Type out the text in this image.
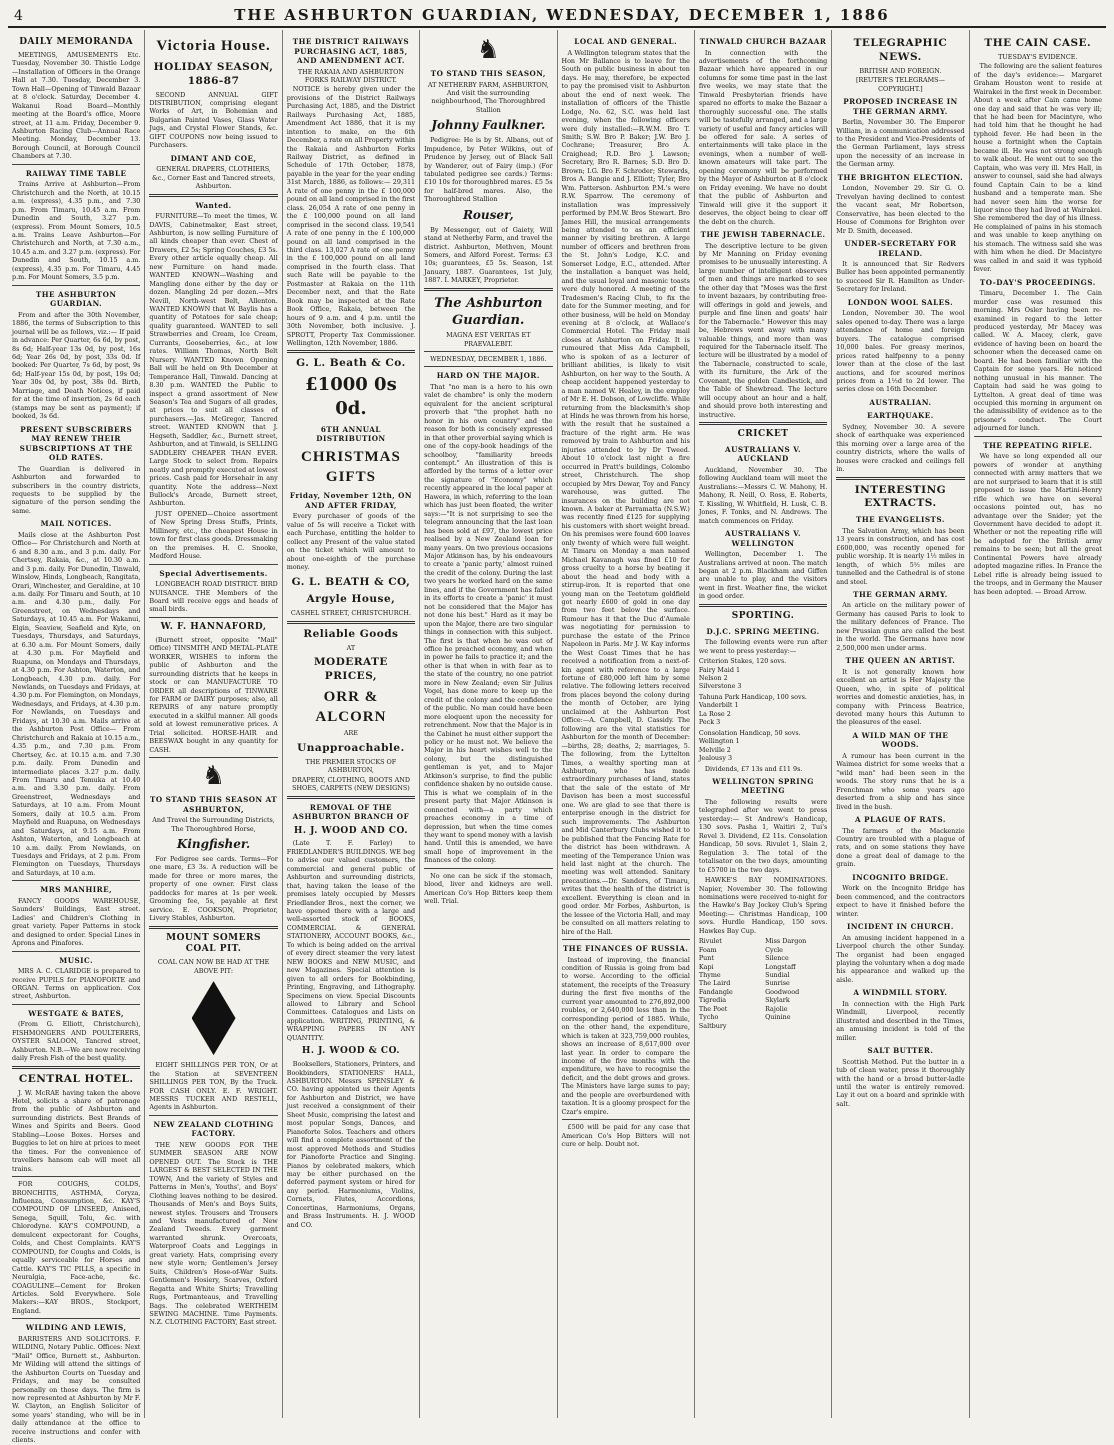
4	THE ASHBURTON GUARDIAN, WEDNESDAY, DECEMBER 1, 1886
DAILY MEMORANDA

MEETINGS, AMUSEMENTS Etc. Tuesday, November 30. Thistle Lodge—Installation of Officers in the Orange Hall at 7.30. Tuesday, December 3. Town Hall—Opening of Tinwald Bazaar at 8 o'clock. Saturday, December 4. Wakanui Road Board—Monthly meeting at the Board's office, Moore street, at 11 a.m. Friday, December 9. Ashburton Racing Club—Annual Race Meeting. Monday, December 13. Borough Council, at Borough Council Chambers at 7.30.

RAILWAY TIME TABLE

Trains Arrive at Ashburton—From Christchurch and the North, at 10.15 a.m. (express), 4.35 p.m., and 7.30 p.m. From Timaru, 10.45 a.m. From Dunedin and South, 3.27 p.m. (express). From Mount Somers, 10.5 a.m. Trains Leave Ashburton—For Christchurch and North, at 7.30 a.m., 10.45 a.m. and 3.27 p.m. (express). For Dunedin and South, 10.15 a.m. (express), 4.35 p.m. For Timaru, 4.45 p.m. For Mount Somers, 3.5 p.m.

THE ASHBURTON GUARDIAN.

From and after the 30th November, 1886, the terms of Subscription to this journal will be as follows, viz.:— If paid in advance: Per Quarter, 6s 6d, by post, 8s 6d; Half-year 13s 0d, by post, 16s 6d; Year 26s 0d, by post, 33s 0d. If booked: Per Quarter, 7s 6d, by post, 9s 6d; Half-year 15s 0d, by post, 19s 0d; Year 30s 0d, by post, 38s 0d. Birth, Marriage, and Death Notices, if paid for at the time of insertion, 2s 6d each (stamps may be sent as payment); if booked, 3s 6d.

PRESENT SUBSCRIBERS MAY RENEW THEIR SUBSCRIPTIONS AT THE OLD RATES.

The Guardian is delivered in Ashburton and forwarded to subscribers in the country districts, requests to be supplied by the signature of the person sending the same.

MAIL NOTICES.

Mails close at the Ashburton Post Office— For Christchurch and North at 6 and 8.30 a.m., and 3 p.m. daily. For Chertsey, Rakaia, &c., at 10.30 a.m. and 3 p.m. daily. For Dunedin, Tinwald, Winslow, Hinds, Longbeach, Rangitata, Orari, Winchester, and Geraldine, at 10 a.m. daily. For Timaru and South, at 10 a.m. and 4.30 p.m., daily. For Greenstreet, on Wednesdays and Saturdays, at 10.45 a.m. For Wakanui, Elgin, Seaview, Seafield and Kyle, on Tuesdays, Thursdays, and Saturdays, at 6.30 a.m. For Mount Somers, daily at 4.30 p.m. For Mayfield and Ruapuna, on Mondays and Thursdays, at 4.30 p.m. For Ashton, Waterton, and Longbeach, 4.30 p.m. daily. For Newlands, on Tuesdays and Fridays, at 4.30 p.m. For Flemington, on Mondays, Wednesdays, and Fridays, at 4.30 p.m. For Newlands, on Tuesdays and Fridays, at 10.30 a.m. Mails arrive at the Ashburton Post Office— From Christchurch and Rakaia at 10.15 a.m., 4.35 p.m., and 7.30 p.m. From Chertsey, &c. at 10.15 a.m. and 7.30 p.m. daily. From Dunedin and intermediate places 3.27 p.m. daily. From Timaru and Temuka at 10.40 a.m. and 3.30 p.m. daily. From Greenstreet, Wednesdays and Saturdays, at 10 a.m. From Mount Somers, daily at 10.5 a.m. From Mayfield and Ruapuna, on Wednesdays and Saturdays, at 9.15 a.m. From Ashton, Waterton, and Longbeach at 10 a.m. daily. From Newlands, on Tuesdays and Fridays, at 2 p.m. From Flemington on Tuesdays, Thursdays and Saturdays, at 10 a.m.

MRS MANHIRE,

FANCY GOODS WAREHOUSE, Saunders' Buildings, East street. Ladies' and Children's Clothing in great variety. Paper Patterns in stock and designed to order. Special Lines in Aprons and Pinafores.

MUSIC.

MRS A. C. CLARIDGE is prepared to receive PUPILS for PIANOFORTE and ORGAN. Terms on application. Cox street, Ashburton.

WESTGATE & BATES,

(From G. Elliott, Christchurch), FISHMONGERS AND POULTERERS, OYSTER SALOON, Tancred street, Ashburton. N.B.—We are now receiving daily Fresh Fish of the best quality.

CENTRAL HOTEL.

J. W. McRAE having taken the above Hotel, solicits a share of patronage from the public of Ashburton and surrounding districts. Best Brands of Wines and Spirits and Beers. Good Stabling—Loose Boxes. Horses and Buggies to let on hire at prices to meet the times. For the convenience of travellers hansom cab will meet all trains.

FOR COUGHS, COLDS, BRONCHITIS, ASTHMA, Coryza, Influenza, Consumption, &c. KAY'S COMPOUND OF LINSEED, Aniseed, Senega, Squill, Tolu, &c. with Chlorodyne. KAY'S COMPOUND, a demulcent expectorant for Coughs, Colds, and Chest Complaints. KAY'S COMPOUND, for Coughs and Colds, is equally serviceable for Horses and Cattle. KAY'S TIC PILLS, a specific in Neuralgia, Face-ache, &c. COAGULINE—Cement for Broken Articles. Sold Everywhere. Sole Makers:—KAY BROS., Stockport, England.

WILDING AND LEWIS,

BARRISTERS AND SOLICITORS. F. WILDING, Notary Public. Offices: Next "Mail" Office, Burnett st., Ashburton. Mr Wilding will attend the sittings of the Ashburton Courts on Tuesday and Fridays, and may be consulted personally on those days. The firm is now represented at Ashburton by Mr F. W. Clayton, an English Solicitor of some years' standing, who will be in daily attendance at the office to receive instructions and confer with clients.

Victoria House.
HOLIDAY SEASON, 1886-87

SECOND ANNUAL GIFT DISTRIBUTION, comprising elegant Works of Art, in Bohemian and Bulgarian Painted Vases, Glass Water Jugs, and Crystal Flower Stands, &c. GIFT COUPONS now being issued to Purchasers.

DIMANT AND COE,
GENERAL DRAPERS, CLOTHIERS, &c., Corner East and Tancred streets, Ashburton.
Wanted.

FURNITURE—To meet the times, W. DAVIS, Cabinetmaker, East street, Ashburton, is now selling Furniture of all kinds cheaper than ever. Chest of Drawers, £2 5s; Spring Couches, £3 5s. Every other article equally cheap. All new Furniture on hand made. WANTED KNOWN—Washing and Mangling done either by the day or dozen. Mangling 2d per dozen.—Mrs Nevill, North-west Belt, Allenton. WANTED KNOWN that W. Baylis has a quantity of Potatoes for sale cheap; quality guaranteed. WANTED to sell Strawberries and Cream, Ice Cream, Currants, Gooseberries, &c., at low rates. William Thomas, North Belt Nursery. WANTED Known Opening Ball will be held on 9th December at Temperance Hall, Tinwald. Dancing at 8.30 p.m. WANTED the Public to inspect a grand assortment of New Season's Tea and Sugars of all grades, at prices to suit all classes of purchasers.—Jas. McGregor, Tancred street. WANTED KNOWN that J. Hegseth, Saddler, &c., Burnett street, Ashburton, and at Tinwald, is SELLING SADDLERY CHEAPER THAN EVER. Large Stock to select from. Repairs neatly and promptly executed at lowest prices. Cash paid for Horsehair in any quantity. Note the address—Next Bullock's Arcade, Burnett street, Ashburton.

JUST OPENED—Choice assortment of New Spring Dress Stuffs, Prints, Millinery, etc., the cheapest House in town for first class goods. Dressmaking on the premises. H. C. Snooke, Medford House.

Special Advertisements.

LONGBEACH ROAD DISTRICT. BIRD NUISANCE. THE Members of the Board will receive eggs and heads of small birds.

W. F. HANNAFORD,

(Burnett street, opposite "Mail" Office) TINSMITH AND METAL-PLATE WORKER, WISHES to inform the public of Ashburton and the surrounding districts that he keeps in stock or can MANUFACTURE TO ORDER all descriptions of TINWARE for FARM or DAIRY purposes; also, all REPAIRS of any nature promptly executed in a skilful manner. All goods sold at lowest remunerative prices. A Trial solicited. HORSE-HAIR and BEESWAX bought in any quantity for CASH.

♞
TO STAND THIS SEASON AT ASHBURTON,
And Travel the Surrounding Districts, The Thoroughbred Horse,
Kingfisher.

For Pedigree see cards. Terms—For one mare, £3 3s. A reduction will be made for three or more mares, the property of one owner. First class paddocks for mares at 1s per week. Grooming fee, 5s, payable at first service. E. COOKSON, Proprietor, Livery Stables, Ashburton.

MOUNT SOMERS COAL PIT.
COAL CAN NOW BE HAD AT THE ABOVE PIT:

EIGHT SHILLINGS PER TON, Or at the Station at SEVENTEEN SHILLINGS PER TON, By the Truck. FOR CASH ONLY. E. F. WRIGHT. MESSRS TUCKER AND RESTELL, Agents in Ashburton.

NEW ZEALAND CLOTHING FACTORY.

THE NEW GOODS FOR THE SUMMER SEASON ARE NOW OPENED OUT. The Stock is THE LARGEST & BEST SELECTED IN THE TOWN, And the variety of Styles and Patterns in Men's, Youths', and Boys' Clothing leaves nothing to be desired. Thousands of Men's and Boys Suits, newest styles. Trousers and Trousers and Vests manufactured of New Zealand Tweeds. Every garment warranted shrunk. Overcoats, Waterproof Coats and Leggings in great variety. Hats, comprising every new style worn; Gentlemen's Jersey Suits, Children's Hose-of-War Suits. Gentlemen's Hosiery, Scarves, Oxford Regatta and White Shirts; Travelling Rugs, Portmanteaus, and Travelling Bags. The celebrated WERTHEIM SEWING MACHINE. Time Payments. N.Z. CLOTHING FACTORY, East street.

THE DISTRICT RAILWAYS PURCHASING ACT, 1885, AND AMENDMENT ACT.
THE RAKAIA AND ASHBURTON FORKS RAILWAY DISTRICT.

NOTICE is hereby given under the provisions of the District Railways Purchasing Act, 1885, and the District Railways Purchasing Act, 1885, Amendment Act 1886, that it is my intention to make, on the 6th December, a rate on all Property within the Rakaia and Ashburton Forks Railway District, as defined in Schedule of 17th October, 1878, payable in the year for the year ending 31st March, 1886, as follows:— 29,311 A rate of one penny in the £ 100,000 pound on all land comprised in the first class. 26,054 A rate of one penny in the £ 100,000 pound on all land comprised in the second class. 19,541 A rate of one penny in the £ 100,000 pound on all land comprised in the third class. 13,027 A rate of one penny in the £ 100,000 pound on all land comprised in the fourth class. That such Rate will be payable to the Postmaster at Rakaia on the 11th December next, and that the Rate Book may be inspected at the Rate Book Office, Rakaia, between the hours of 9 a.m. and 4 p.m. until the 30th November, both inclusive. J. SPROTT, Property Tax Commissioner. Wellington, 12th November, 1886.

G. L. Beath & Co.
£1000 0s 0d.
6TH ANNUAL DISTRIBUTION
CHRISTMAS GIFTS
Friday, November 12th, ON AND AFTER FRIDAY,

Every purchaser of goods of the value of 5s will receive a Ticket with each Purchase, entitling the holder to collect any Present of the value stated on the ticket which will amount to about one-eighth of the purchase money.

G. L. BEATH & CO,
Argyle House,
CASHEL STREET, CHRISTCHURCH.
Reliable Goods
AT
MODERATE PRICES,
ORR & ALCORN
ARE
Unapproachable.
THE PREMIER STOCKS OF ASHBURTON,
DRAPERY, CLOTHING, BOOTS AND SHOES, CARPETS (NEW DESIGNS)
REMOVAL OF THE ASHBURTON BRANCH OF
H. J. WOOD AND CO.

(Late T. F. Farley) to FRIEDLANDER'S BUILDINGS. WE beg to advise our valued customers, the commercial and general public of Ashburton and surrounding districts, that, having taken the lease of the premises lately occupied by Messrs Friedlander Bros., next the corner, we have opened there with a large and well-assorted stock of BOOKS, COMMERCIAL & GENERAL STATIONERY, ACCOUNT BOOKS, &c., To which is being added on the arrival of every direct steamer the very latest NEW BOOKS and NEW MUSIC, and new Magazines. Special attention is given to all orders for Bookbinding, Printing, Engraving, and Lithography. Specimens on view. Special Discounts allowed to Library and School Committees. Catalogues and Lists on application. WRITING, PRINTING, & WRAPPING PAPERS IN ANY QUANTITY.

H. J. WOOD & CO.

Booksellers, Stationers, Printers, and Bookbinders, STATIONERS' HALL, ASHBURTON. Messrs SPENSLEY & CO. having appointed us their Agents for Ashburton and District, we have just received a consignment of their Sheet Music, comprising the latest and most popular Songs, Dances, and Pianoforte Solos. Teachers and others will find a complete assortment of the most approved Methods and Studies for Pianoforte Practice and Singing. Pianos by celebrated makers, which may be either purchased on the deferred payment system or hired for any period. Harmoniums, Violins, Cornets, Flutes, Accordions, Concertinas, Harmoniums, Organs, and Brass Instruments. H. J. WOOD and CO.

♞
TO STAND THIS SEASON,
AT NETHERBY FARM, ASHBURTON, And visit the surrounding neighbourhood, The Thoroughbred Stallion
Johnny Faulkner.

Pedigree: He is by St. Albans, out of Impudence, by Peter Wilkins, out of Prudence by Jersey, out of Black Sall by Wanderer, out of Fairy (imp.) (For tabulated pedigree see cards.) Terms: £10 10s for thoroughbred mares. £5 5s for half-bred mares. Also, the Thoroughbred Stallion

Rouser,

By Messenger, out of Gaiety, Will stand at Netherby Farm, and travel the district. Ashburton, Methven, Mount Somers, and Alford Forest. Terms: £3 10s; guarantees, £5 5s. Season, 1st January, 1887. Guarantees, 1st July, 1887. I. MARKEY, Proprietor.

The Ashburton Guardian.
MAGNA EST VERITAS ET PRAEVALEBIT.
WEDNESDAY, DECEMBER 1, 1886.
HARD ON THE MAJOR.

That "no man is a hero to his own valet de chambre" is only the modern equivalent for the ancient scriptural proverb that "the prophet hath no honor in his own country" and the reason for both is concisely expressed in that other proverbial saying which is one of the copy-book headings of the schoolboy, "familiarity breeds contempt." An illustration of this is afforded by the terms of a letter over the signature of "Economy" which recently appeared in the local paper at Hawera, in which, referring to the loan which has just been floated, the writer says:—"It is not surprising to see the telegram announcing that the last loan has been sold at £97, the lowest price realised by a New Zealand loan for many years. On two previous occasions Major Atkinson has, by his endeavours to create a 'panic party,' almost ruined the credit of the colony. During the last two years he worked hard on the same lines, and if the Government has failed in its efforts to create a 'panic' it must not be considered that the Major has not done his best." Hard as it may be upon the Major, there are two singular things in connection with this subject. The first is that when he was out of office he preached economy, and when in power he fails to practice it; and the other is that when in with fear as to the state of the country, no one patriot more in New Zealand; even Sir Julius Vogel, has done more to keep up the credit of the colony and the confidence of the public. No man could have been more eloquent upon the necessity for retrenchment. Now that the Major is in the Cabinet he must either support the policy or he must not. We believe the Major in his heart wishes well to the colony, but the distinguished gentleman is yet, and to Major Atkinson's surprise, to find the public confidence shaken by no outside cause. This is what we complain of in the present party that Major Atkinson is connected with—a party which preaches economy in a time of depression, but when the time comes they want to spend money with a lavish hand. Until this is amended, we have small hope of improvement in the finances of the colony.

No one can be sick if the stomach, blood, liver and kidneys are well. American Co's Hop Bitters keep them well. Trial.

LOCAL AND GENERAL.

A Wellington telegram states that the Hon Mr Ballance is to leave for the South on public business in about ten days. He may, therefore, be expected to pay the promised visit to Ashburton about the end of next week. The installation of officers of the Thistle Lodge, No. 62, S.C. was held last evening, when the following officers were duly installed:—R.W.M. Bro T. Smith; S.W. Bro P. Baker; J.W. Bro J. Cochrane; Treasurer, Bro A. Craighead; R.D. Bro J. Lawson; Secretary, Bro R. Barnes; S.D. Bro D. Brown; I.G. Bro F. Schroder; Stewards, Bros A. Bangie and J. Elliott; Tyler, Bro Wm. Patterson. Ashburton P.M.'s were R.W. Sparrow. The ceremony of installation was impressively performed by P.M.W. Bros Stewart. Bro James Hill, the musical arrangements being attended to as an efficient manner by visiting brethren. A large number of officers and brethren from the St. John's Lodge, K.C. and Somerset Lodge, E.C., attended. After the installation a banquet was held, and the usual loyal and masonic toasts were duly honored. A meeting of the Tradesmen's Racing Club, to fix the date for the Summer meeting, and for other business, will be held on Monday evening at 8 o'clock, at Wallace's Commercial Hotel. The Friday mail closes at Ashburton on Friday. It is rumoured that Miss Ada Campbell, who is spoken of as a lecturer of brilliant abilities, is likely to visit Ashburton, on her way to the South. A cheap accident happened yesterday to a man named W. Healey, in the employ of Mr E. H. Dobson, of Lowcliffe. While returning from the blacksmith's shop at Hinds he was thrown from his horse, with the result that he sustained a fracture of the right arm. He was removed by train to Ashburton and his injuries attended to by Dr Tweed. About 10 o'clock last night a fire occurred in Pratt's buildings, Colombo street, Christchurch. The shop occupied by Mrs Dewar, Toy and Fancy warehouse, was gutted. The insurances on the building are not known. A baker at Parramatta (N.S.W.) was recently fined £125 for supplying his customers with short weight bread. On his premises were found 600 loaves only twenty of which were full weight. At Timaru on Monday a man named Michael Kavanagh was fined £10 for gross cruelty to a horse by beating it about the head and body with a stirrup-iron. It is reported that one young man on the Teetotum goldfield got nearly £600 of gold in one day from two feet below the surface. Rumour has it that the Duc d'Aumale was negotiating for permission to purchase the estate of the Prince Napoleon in Paris. Mr J. W. Kay informs the West Coast Times that he has received a notification from a next-of-kin agent with reference to a large fortune of £80,000 left him by some relative. The following letters received from places beyond the colony during the month of October, are lying unclaimed at the Ashburton Post Office:—A. Campbell, D. Cassidy. The following are the vital statistics for Ashburton for the month of December:—births, 28; deaths, 2; marriages, 5. The following, from the Lyttelton Times, a wealthy sporting man at Ashburton, who has made extraordinary purchases of land, states that the sale of the estate of Mr Davison has been a most successful one. We are glad to see that there is enterprise enough in the district for such improvements. The Ashburton and Mid Canterbury Clubs wished it to be published that the Fencing Rate for the district has been withdrawn. A meeting of the Temperance Union was held last night at the church. The meeting was well attended. Sanitary precautions.—Dr. Sanders, of Timaru, writes that the health of the district is excellent. Everything is clean and in good order. Mr Forbes, Ashburton, is the lessee of the Victoria Hall, and may be consulted on all matters relating to hire of the Hall.

THE FINANCES OF RUSSIA.

Instead of improving, the financial condition of Russia is going from bad to worse. According to the official statement, the receipts of the Treasury during the first five months of the current year amounted to 276,892,000 roubles, or 2,640,000 less than in the corresponding period of 1885. While, on the other hand, the expenditure, which is taken at 323,759,000 roubles, shows an increase of 8,617,000 over last year. In order to compare the income of the five months with the expenditure, we have to recognise the deficit, and the debt grows and grows. The Ministers have large sums to pay; and the people are overburdened with taxation. It is a gloomy prospect for the Czar's empire.

£500 will be paid for any case that American Co's Hop Bitters will not cure or help. Doubt not.

TINWALD CHURCH BAZAAR

In connection with the advertisements of the forthcoming Bazaar which have appeared in our columns for some time past in the last five weeks, we may state that the Tinwald Presbyterian friends have spared no efforts to make the Bazaar a thoroughly successful one. The stalls will be tastefully arranged, and a large variety of useful and fancy articles will be offered for sale. A series of entertainments will take place in the evenings, when a number of well-known amateurs will take part. The opening ceremony will be performed by the Mayor of Ashburton at 8 o'clock on Friday evening. We have no doubt that the public of Ashburton and Tinwald will give it the support it deserves, the object being to clear off the debt on the church.

THE JEWISH TABERNACLE.

The descriptive lecture to be given by Mr Manning on Friday evening promises to be unusually interesting. A large number of intelligent observers of men and things are marked to see the other day that "Moses was the first to invent bazaars, by contributing free-will offerings in gold and jewels, and purple and fine linen and goats' hair for the Tabernacle." However this may be, Hebrews went away with many valuable things, and more than was required for the Tabernacle itself. The lecture will be illustrated by a model of the Tabernacle, constructed to scale, with its furniture, the Ark of the Covenant, the golden Candlestick, and the Table of Shewbread. The lecture will occupy about an hour and a half, and should prove both interesting and instructive.

CRICKET
AUSTRALIANS V. AUCKLAND

Auckland, November 30. The following Auckland team will meet the Australians:—Messrs C. W. Mahony, H. Mahony, R. Neill, O. Ross, E. Roberts, T. Kissling, W. Whitfield, H. Lusk, C. B. Jones, F. Tonks, and N. Andrews. The match commences on Friday.

AUSTRALIANS V. WELLINGTON

Wellington, December 1. The Australians arrived at noon. The match began at 2 p.m. Blackham and Giffen are unable to play, and the visitors went in first. Weather fine, the wicket in good order.

SPORTING.
D.J.C. SPRING MEETING.

The following events were run after we went to press yesterday:—

Criterion Stakes, 120 sovs.
Fairy Maid 1
Nelson 2
Silverstone 3
Tahuna Park Handicap, 100 sovs.
Vanderbilt 1
La Rose 2
Peck 3
Consolation Handicap, 50 sovs.
Wellington 1
Melville 2
Jealousy 3

Dividends, £7 13s and £11 9s.

WELLINGTON SPRING MEETING

The following results were telegraphed after we went to press yesterday:— St Andrew's Handicap, 130 sovs. Pasha 1, Waitiri 2, Tui's Revel 3. Dividend, £2 11s. Consolation Handicap, 50 sovs. Rivulet 1, Slain 2, Regulation 3. The total of the totalisator on the two days, amounting to £5700 in the two days.

HAWKE'S BAY NOMINATIONS. Napier, November 30. The following nominations were received to-night for the Hawke's Bay Jockey Club's Spring Meeting:— Christmas Handicap, 100 sovs. Hurdle Handicap, 150 sovs. Hawkes Bay Cup.

Rivulet
Foam
Punt
Kapi
Thyme
The Laird
Fandangle
Tigredia
The Poet
Tycho
Saltbury
Miss Dargon
Cycle
Silence
Longstaff
Sundial
Sunrise
Goodwood
Skylark
Rajolie
Quinine
TELEGRAPHIC NEWS.
BRITISH AND FOREIGN.
[REUTER'S TELEGRAMS—COPYRIGHT.]
PROPOSED INCREASE IN THE GERMAN ARMY.

Berlin, November 30. The Emperor William, in a communication addressed to the President and Vice-Presidents of the German Parliament, lays stress upon the necessity of an increase in the German army.

THE BRIGHTON ELECTION.

London, November 29. Sir G. O. Trevelyan having declined to contest the vacant seat, Mr Robertson, Conservative, has been elected to the House of Commons for Brighton over Mr D. Smith, deceased.

UNDER-SECRETARY FOR IRELAND.

It is announced that Sir Redvers Buller has been appointed permanently to succeed Sir R. Hamilton as Under-Secretary for Ireland.

LONDON WOOL SALES.

London, November 30. The wool sales opened to-day. There was a large attendance of home and foreign buyers. The catalogue comprised 10,000 bales. For greasy merinos, prices rated halfpenny to a penny lower than at the close of the last auctions, and for scoured merinos prices from a 1½d to 2d lower. The series close on 16th December.

AUSTRALIAN.
EARTHQUAKE.

Sydney, November 30. A severe shock of earthquake was experienced this morning over a large area of the country districts, where the walls of houses were cracked and ceilings fell in.

INTERESTING EXTRACTS.
THE EVANGELISTS.

The Salvation Army, which has been 13 years in construction, and has cost £600,000, was recently opened for public worship. It is nearly 1½ miles in length, of which 5½ miles are tunnelled and the Cathedral is of stone and steel.

THE GERMAN ARMY.

An article on the military power of Germany has caused Paris to look to the military defences of France. The new Prussian guns are called the best in the world. The Germans have now 2,500,000 men under arms.

THE QUEEN AN ARTIST.

It is not generally known how excellent an artist is Her Majesty the Queen, who, in spite of political worries and domestic anxieties, has, in company with Princess Beatrice, devoted many hours this Autumn to the pleasures of the easel.

A WILD MAN OF THE WOODS.

A rumour has been current in the Waimea district for some weeks that a "wild man" had been seen in the woods. The story runs that he is a Frenchman who some years ago deserted from a ship and has since lived in the bush.

A PLAGUE OF RATS.

The farmers of the Mackenzie Country are troubled with a plague of rats, and on some stations they have done a great deal of damage to the grain.

INCOGNITO BRIDGE.

Work on the Incognito Bridge has been commenced, and the contractors expect to have it finished before the winter.

INCIDENT IN CHURCH.

An amusing incident happened in a Liverpool church the other Sunday. The organist had been engaged playing the voluntary when a dog made his appearance and walked up the aisle.

A WINDMILL STORY.

In connection with the High Park Windmill, Liverpool, recently illustrated and described in the Times, an amusing incident is told of the miller.

SALT BUTTER.

Scottish Method. Put the butter in a tub of clean water, press it thoroughly with the hand or a broad butter-ladle until the water is entirely removed. Lay it out on a board and sprinkle with salt.

THE CAIN CASE.
TUESDAY'S EVIDENCE.

The following are the salient features of the day's evidence:— Margaret Graham Houston went to reside at Wairakei in the first week in December. About a week after Cain came home one day and said that he was very ill; that he had been for Macintyre, who had told him that he thought he had typhoid fever. He had been in the house a fortnight when the Captain became ill. He was not strong enough to walk about. He went out to see the Captain, who was very ill. Mrs Hall, in answer to counsel, said she had always found Captain Cain to be a kind husband and a temperate man. She had never seen him the worse for liquor since they had lived at Wairakei. She remembered the day of his illness. He complained of pains in his stomach and was unable to keep anything on his stomach. The witness said she was with him when he died. Dr Macintyre was called in and said it was typhoid fever.

TO-DAY'S PROCEEDINGS.

Timaru, December 1. The Cain murder case was resumed this morning. Mrs Osler having been re-examined in regard to the letter produced yesterday, Mr Macey was called. W. A. Macey, clerk, gave evidence of having been on board the schooner when the deceased came on board. He had been familiar with the Captain for some years. He noticed nothing unusual in his manner. The Captain had said he was going to Lyttelton. A great deal of time was occupied this morning in argument on the admissibility of evidence as to the prisoner's conduct. The Court adjourned for lunch.

THE REPEATING RIFLE.

We have so long expended all our powers of wonder at anything connected with army matters that we are not surprised to learn that it is still proposed to issue the Martini-Henry rifle which we have on several occasions pointed out, has no advantage over the Snider; yet the Government have decided to adopt it. Whether or not the repeating rifle will be adopted for the British army remains to be seen; but all the great Continental Powers have already adopted magazine rifles. In France the Lebel rifle is already being issued to the troops, and in Germany the Mauser has been adopted. — Broad Arrow.
